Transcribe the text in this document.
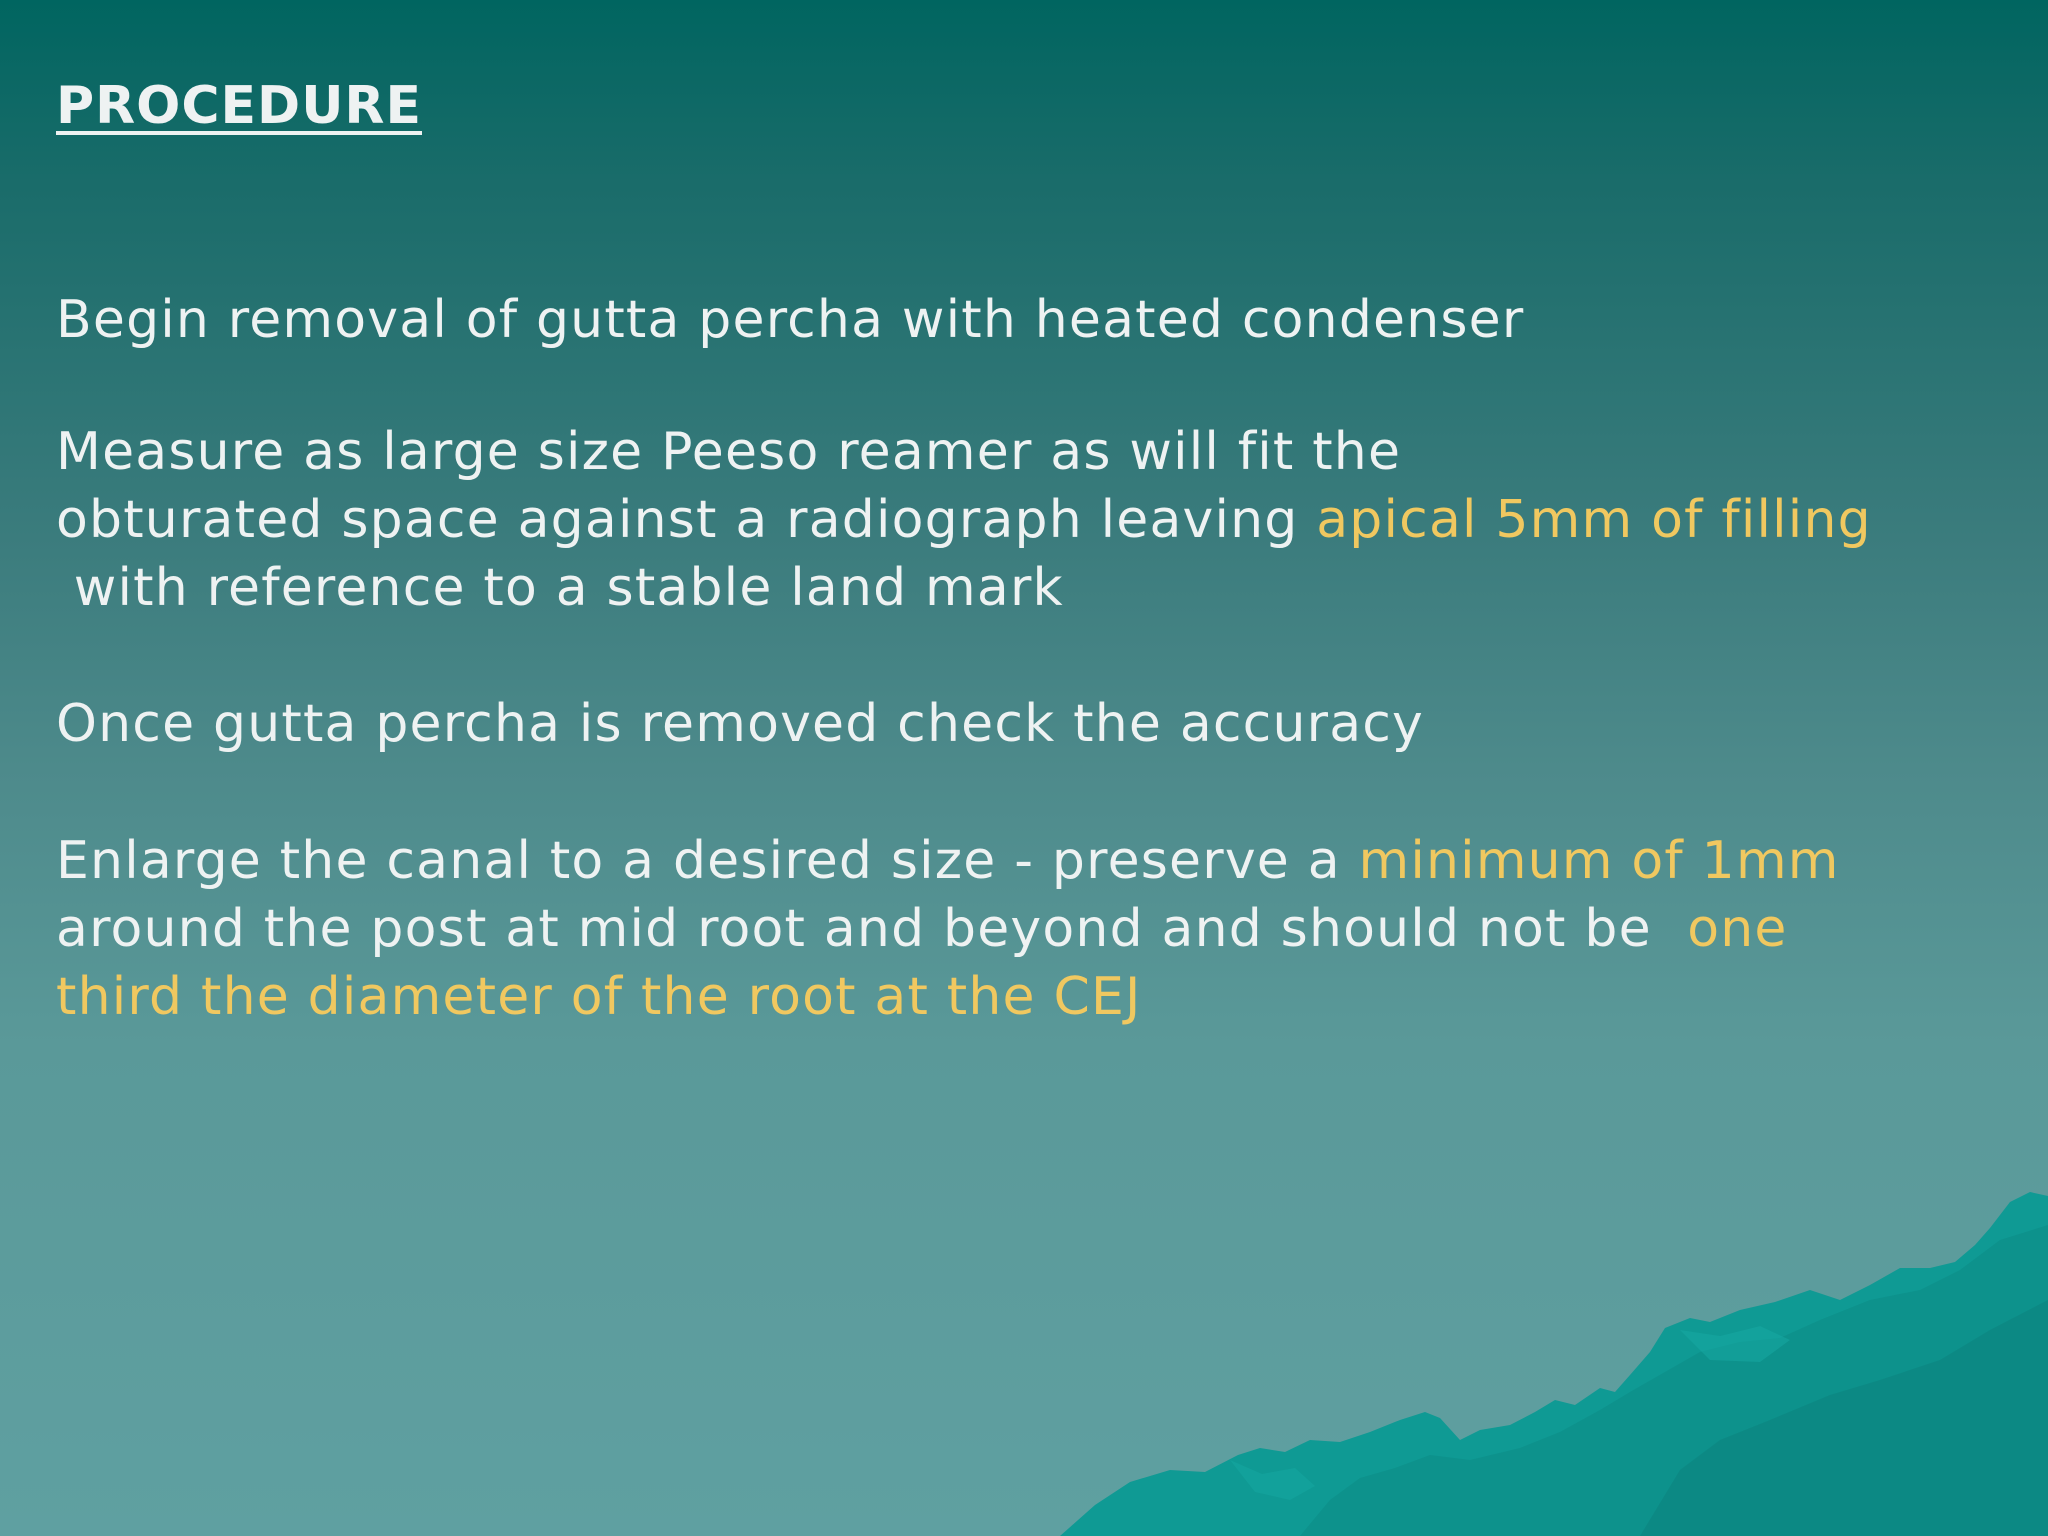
PROCEDURE

Begin removal of gutta percha with heated condenser

Measure as large size Peeso reamer as will fit the
obturated space against a radiograph leaving apical 5mm of filling
with reference to a stable land mark

Once gutta percha is removed check the accuracy

Enlarge the canal to a desired size - preserve a minimum of 1mm
around the post at mid root and beyond and should not be  one
third the diameter of the root at the CEJ
